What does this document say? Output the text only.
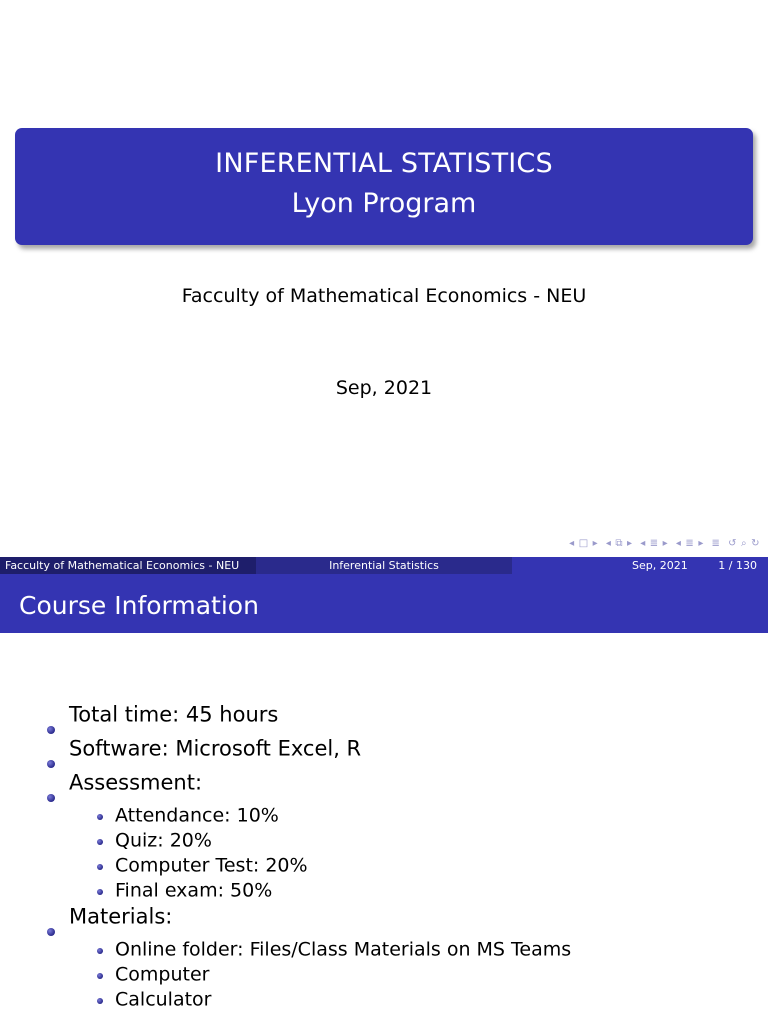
INFERENTIAL STATISTICS
Lyon Program
Facculty of Mathematical Economics - NEU
Sep, 2021
◂ □ ▸ ◂ ⧉ ▸ ◂ ≣ ▸ ◂ ≣ ▸ ≣ ↺ ⌕ ↻
Facculty of Mathematical Economics - NEU	Inferential Statistics	Sep, 2021	1 / 130
Course Information
Total time: 45 hours
Software: Microsoft Excel, R
Assessment:
Attendance: 10%
Quiz: 20%
Computer Test: 20%
Final exam: 50%
Materials:
Online folder: Files/Class Materials on MS Teams
Computer
Calculator
